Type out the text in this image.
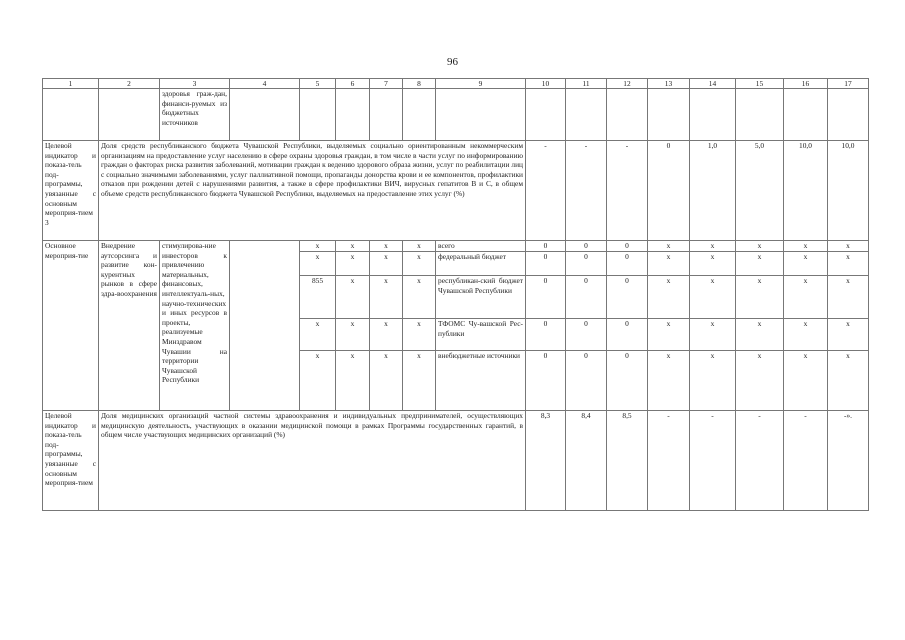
96
1	2	3	4	5	6	7	8	9	10	11	12	13	14	15	16	17
		здоровья граж-дан, финанси-руемых из бюджетных источников														
Целевой индикатор и показа-тель под-программы, увязанные с основным мероприя-тием 3	Доля средств республиканского бюджета Чувашской Республики, выделяемых социально ориентированным некоммерческим организациям на предоставление услуг населению в сфере охраны здоровья граждан, в том числе в части услуг по информированию граждан о факторах риска развития заболеваний, мотивации граждан к ведению здорового образа жизни, услуг по реабилитации лиц с социально значимыми заболеваниями, услуг паллиативной помощи, пропаганды донорства крови и ее компонентов, профилактики отказов при рождении детей с нарушениями развития, а также в сфере профилактики ВИЧ, вирусных гепатитов В и С, в общем объеме средств республиканского бюджета Чувашской Республики, выделяемых на предоставление этих услуг (%)								-	-	-	0	1,0	5,0	10,0	10,0
Основное мероприя-тие	Внедрение аутсорсинга и развитие кон-курентных рынков в сфере здра-воохранения	стимулирова-ние инвесторов к привлечению материальных, финансовых, интеллектуаль-ных, научно-технических и иных ресурсов в проекты, реализуемые Минздравом Чувашии на территории Чувашской Республики		x	x	x	x	всего	0	0	0	x	x	x	x	x
				x	x	x	x	федеральный бюджет	0	0	0	x	x	x	x	x
				855	x	x	x	республикан-ский бюджет Чувашской Республики	0	0	0	x	x	x	x	x
				x	x	x	x	ТФОМС Чу-вашской Рес-публики	0	0	0	x	x	x	x	x
				x	x	x	x	внебюджетные источники	0	0	0	x	x	x	x	x
Целевой индикатор и показа-тель под-программы, увязанные с основным мероприя-тием	Доля медицинских организаций частной системы здравоохранения и индивидуальных предпринимателей, осуществляющих медицинскую деятельность, участвующих в оказании медицинской помощи в рамках Программы государственных гарантий, в общем числе участвующих медицинских организаций (%)								8,3	8,4	8,5	-	-	-	-	-».
